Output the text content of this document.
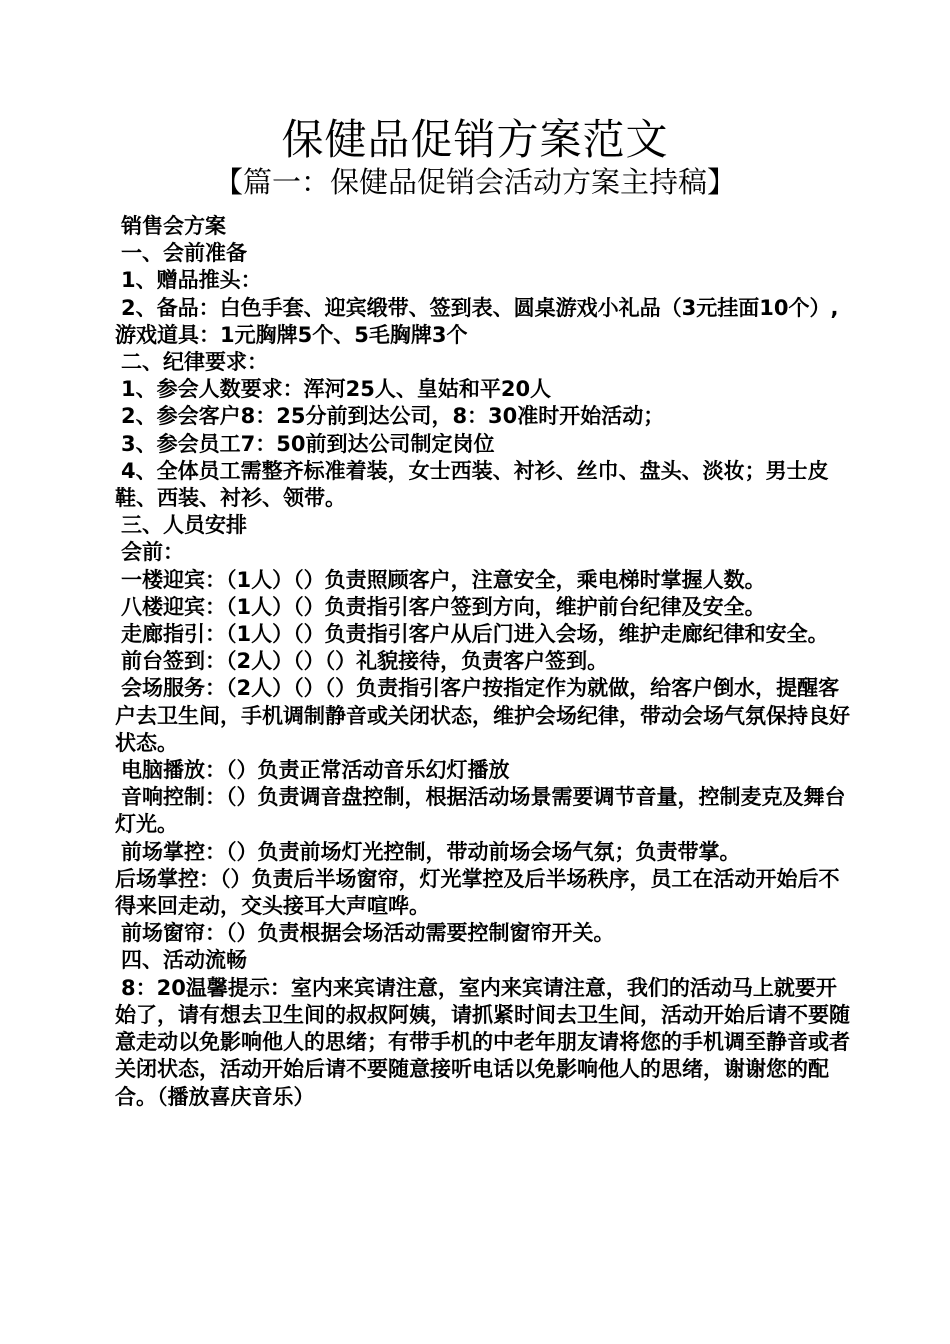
保健品促销方案范文
【篇一：保健品促销会活动方案主持稿】

销售会方案

一、会前准备

1、赠品推头：

2、备品：白色手套、迎宾缎带、签到表、圆桌游戏小礼品（3元挂面10个）,游戏道具：1元胸牌5个、5毛胸牌3个

二、纪律要求：

1、参会人数要求：浑河25人、皇姑和平20人

2、参会客户8：25分前到达公司，8：30准时开始活动；

3、参会员工7：50前到达公司制定岗位

4、全体员工需整齐标准着装，女士西装、衬衫、丝巾、盘头、淡妆；男士皮鞋、西装、衬衫、领带。

三、人员安排

会前：

一楼迎宾：（1人）（）负责照顾客户，注意安全，乘电梯时掌握人数。

八楼迎宾：（1人）（）负责指引客户签到方向，维护前台纪律及安全。

走廊指引：（1人）（）负责指引客户从后门进入会场，维护走廊纪律和安全。

前台签到：（2人）（）（）礼貌接待，负责客户签到。

会场服务：（2人）（）（）负责指引客户按指定作为就做，给客户倒水，提醒客户去卫生间，手机调制静音或关闭状态，维护会场纪律，带动会场气氛保持良好状态。

电脑播放：（）负责正常活动音乐幻灯播放

音响控制：（）负责调音盘控制，根据活动场景需要调节音量，控制麦克及舞台灯光。

前场掌控：（）负责前场灯光控制，带动前场会场气氛；负责带掌。

后场掌控：（）负责后半场窗帘，灯光掌控及后半场秩序，员工在活动开始后不得来回走动，交头接耳大声喧哗。

前场窗帘：（）负责根据会场活动需要控制窗帘开关。

四、活动流畅

8：20温馨提示：室内来宾请注意，室内来宾请注意，我们的活动马上就要开始了，请有想去卫生间的叔叔阿姨，请抓紧时间去卫生间，活动开始后请不要随意走动以免影响他人的思绪；有带手机的中老年朋友请将您的手机调至静音或者关闭状态，活动开始后请不要随意接听电话以免影响他人的思绪，谢谢您的配合。（播放喜庆音乐）
